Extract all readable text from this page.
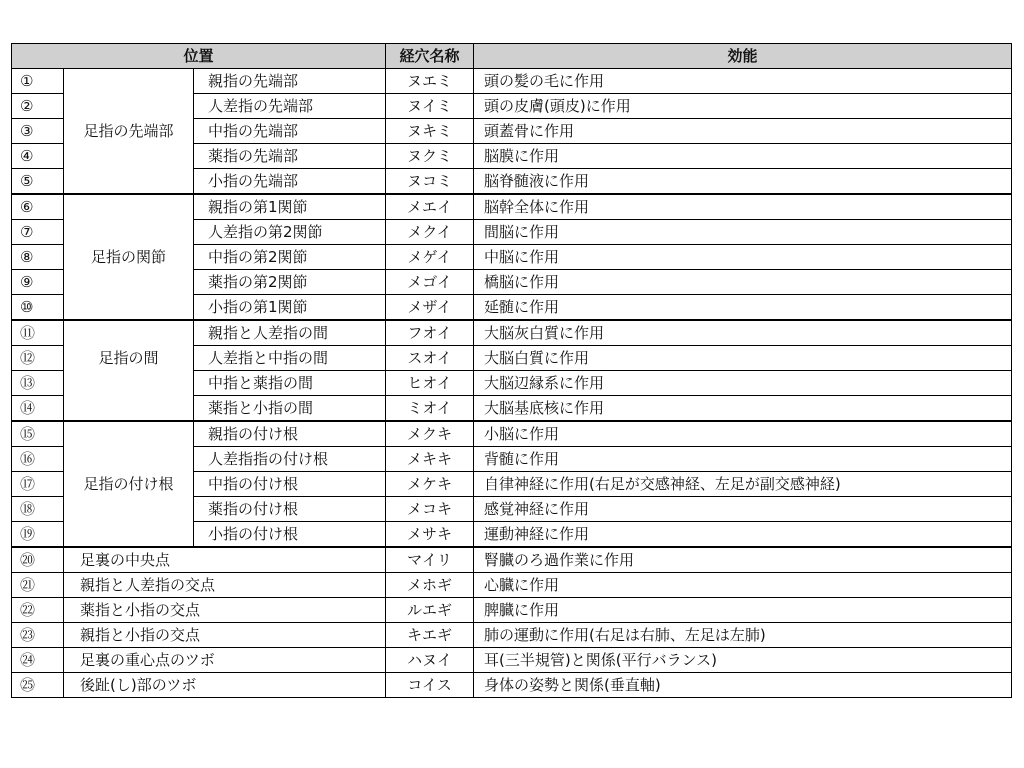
位置			経穴名称	効能
①		親指の先端部	ヌエミ	頭の髪の毛に作用
②		人差指の先端部	ヌイミ	頭の皮膚(頭皮)に作用
③	足指の先端部	中指の先端部	ヌキミ	頭蓋骨に作用
④		薬指の先端部	ヌクミ	脳膜に作用
⑤		小指の先端部	ヌコミ	脳脊髄液に作用
⑥		親指の第1関節	メエイ	脳幹全体に作用
⑦		人差指の第2関節	メクイ	間脳に作用
⑧	足指の関節	中指の第2関節	メゲイ	中脳に作用
⑨		薬指の第2関節	メゴイ	橋脳に作用
⑩		小指の第1関節	メザイ	延髄に作用
⑪		親指と人差指の間	フオイ	大脳灰白質に作用
⑫	足指の間	人差指と中指の間	スオイ	大脳白質に作用
⑬		中指と薬指の間	ヒオイ	大脳辺縁系に作用
⑭		薬指と小指の間	ミオイ	大脳基底核に作用
⑮		親指の付け根	メクキ	小脳に作用
⑯		人差指指の付け根	メキキ	背髄に作用
⑰	足指の付け根	中指の付け根	メケキ	自律神経に作用(右足が交感神経、左足が副交感神経)
⑱		薬指の付け根	メコキ	感覚神経に作用
⑲		小指の付け根	メサキ	運動神経に作用
⑳	足裏の中央点		マイリ	腎臓のろ過作業に作用
㉑	親指と人差指の交点		メホギ	心臓に作用
㉒	薬指と小指の交点		ルエギ	脾臓に作用
㉓	親指と小指の交点		キエギ	肺の運動に作用(右足は右肺、左足は左肺)
㉔	足裏の重心点のツボ		ハヌイ	耳(三半規管)と関係(平行バランス)
㉕	後趾(し)部のツボ		コイス	身体の姿勢と関係(垂直軸)
